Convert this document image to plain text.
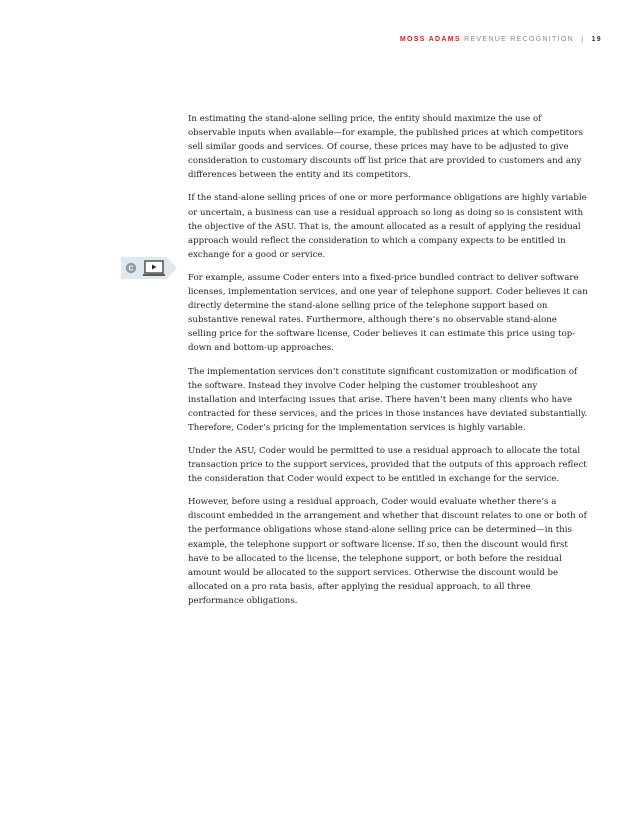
MOSS ADAMS REVENUE RECOGNITION | 19
C

In estimating the stand-alone selling price, the entity should maximize the use of observable inputs when available—for example, the published prices at which competitors sell similar goods and services. Of course, these prices may have to be adjusted to give consideration to customary discounts off list price that are provided to customers and any differences between the entity and its competitors.

If the stand-alone selling prices of one or more performance obligations are highly variable or uncertain, a business can use a residual approach so long as doing so is consistent with the objective of the ASU. That is, the amount allocated as a result of applying the residual approach would reflect the consideration to which a company expects to be entitled in exchange for a good or service.

For example, assume Coder enters into a fixed-price bundled contract to deliver software licenses, implementation services, and one year of telephone support. Coder believes it can directly determine the stand-alone selling price of the telephone support based on substantive renewal rates. Furthermore, although there’s no observable stand-alone selling price for the software license, Coder believes it can estimate this price using top-down and bottom-up approaches.

The implementation services don’t constitute significant customization or modification of the software. Instead they involve Coder helping the customer troubleshoot any installation and interfacing issues that arise. There haven’t been many clients who have contracted for these services, and the prices in those instances have deviated substantially. Therefore, Coder’s pricing for the implementation services is highly variable.

Under the ASU, Coder would be permitted to use a residual approach to allocate the total transaction price to the support services, provided that the outputs of this approach reflect the consideration that Coder would expect to be entitled in exchange for the service.

However, before using a residual approach, Coder would evaluate whether there’s a discount embedded in the arrangement and whether that discount relates to one or both of the performance obligations whose stand-alone selling price can be determined—in this example, the telephone support or software license. If so, then the discount would first have to be allocated to the license, the telephone support, or both before the residual amount would be allocated to the support services. Otherwise the discount would be allocated on a pro rata basis, after applying the residual approach, to all three performance obligations.
